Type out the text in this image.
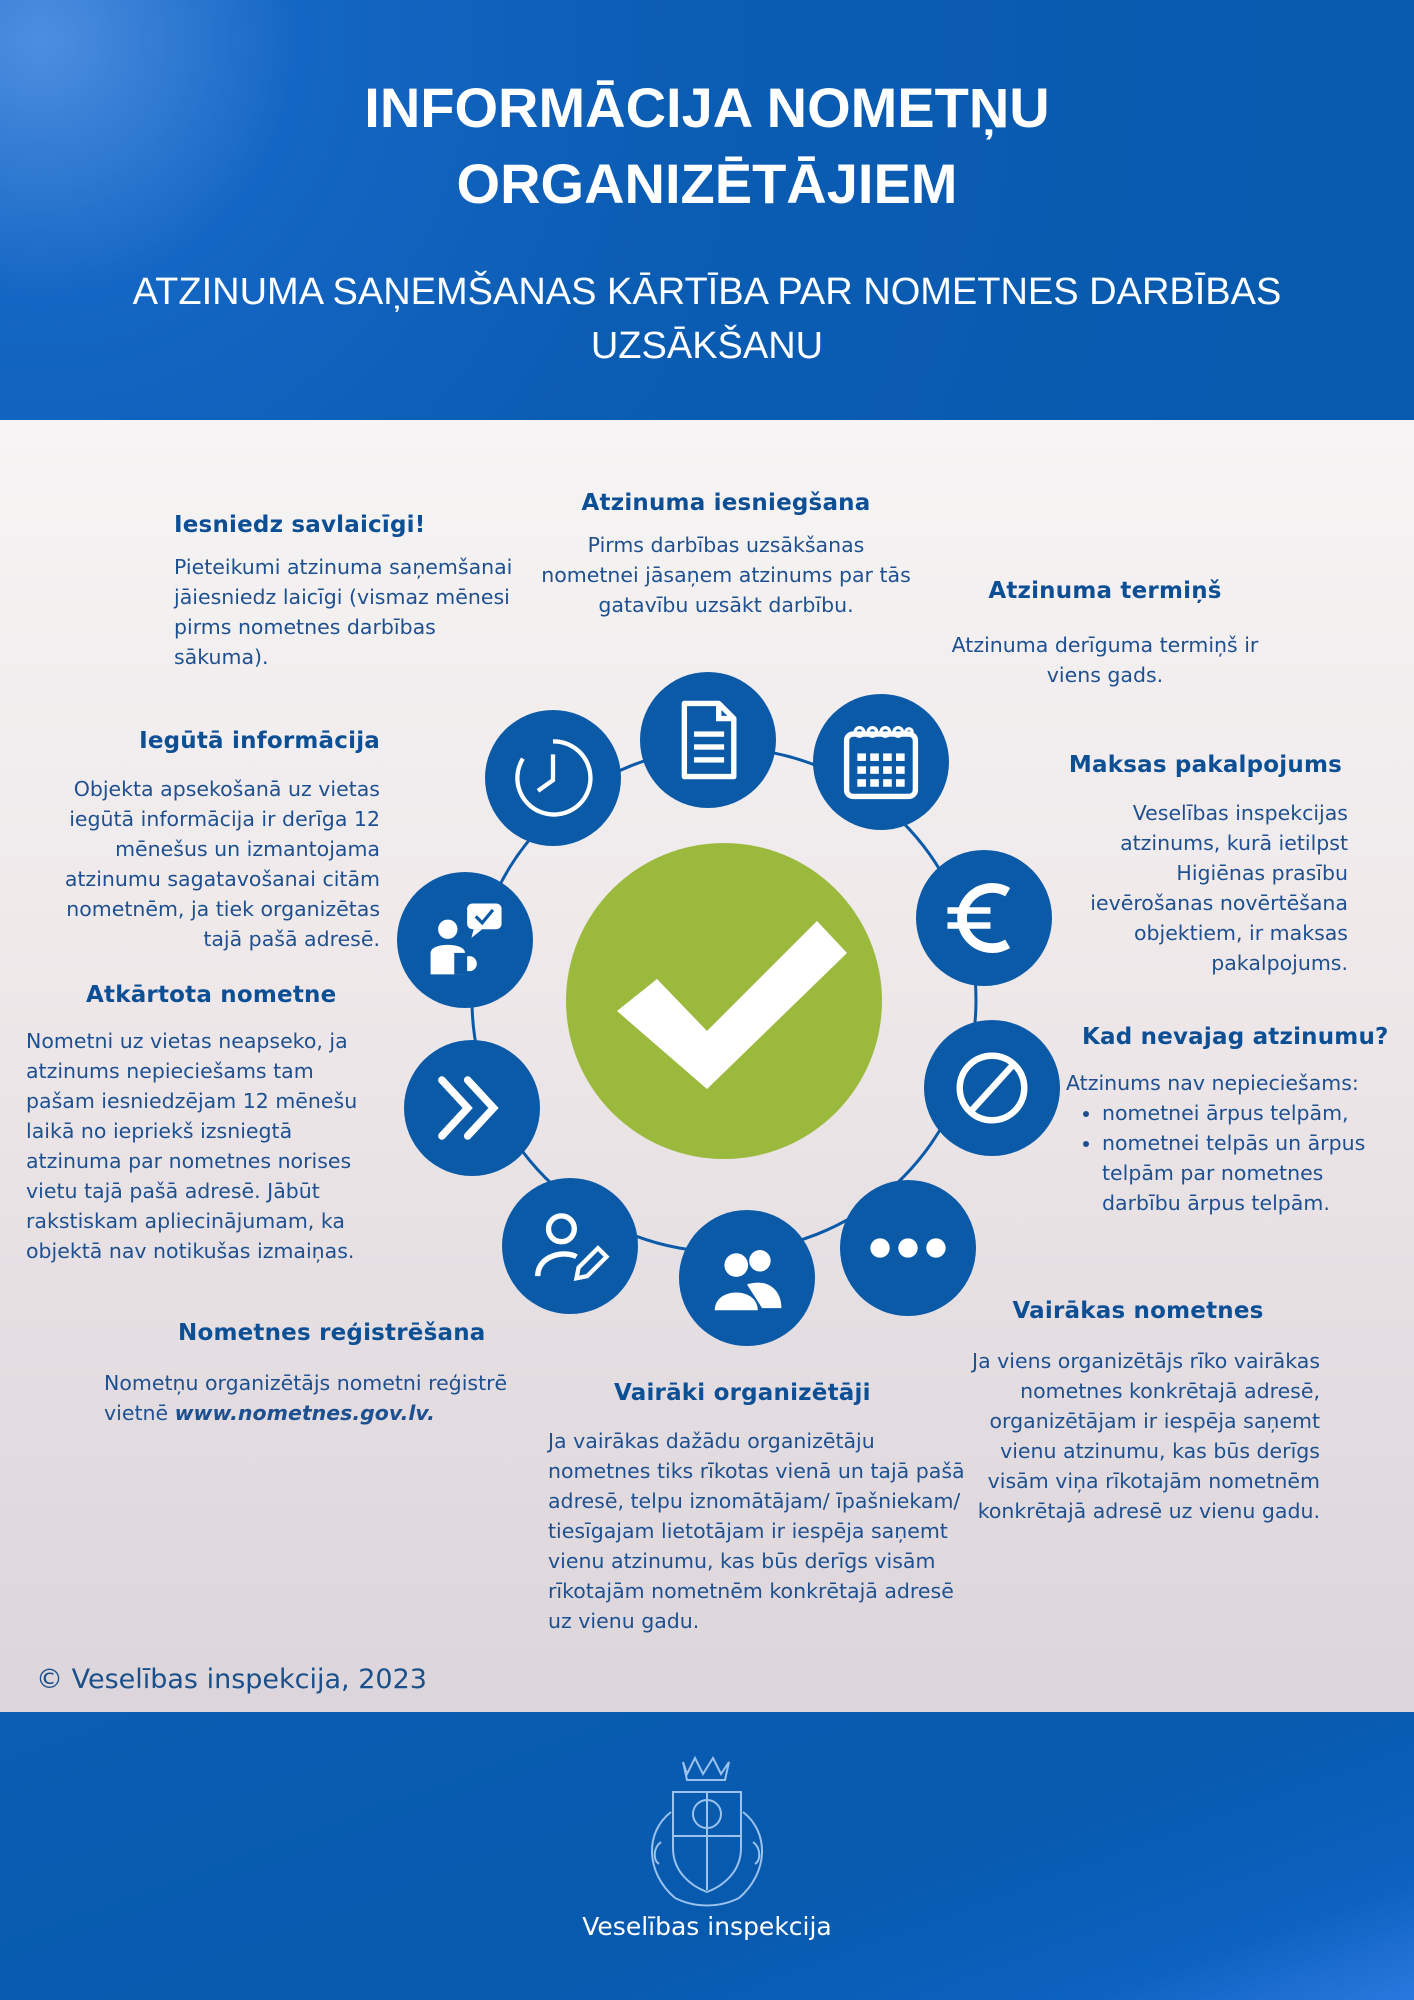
INFORMĀCIJA NOMETŅU
ORGANIZĒTĀJIEM
ATZINUMA SAŅEMŠANAS KĀRTĪBA PAR NOMETNES DARBĪBAS UZSĀKŠANU
Iesniedz savlaicīgi!

Pieteikumi atzinuma saņemšanai jāiesniedz laicīgi (vismaz mēnesi pirms nometnes darbības sākuma).

Atzinuma iesniegšana

Pirms darbības uzsākšanas nometnei jāsaņem atzinums par tās gatavību uzsākt darbību.

Atzinuma termiņš

Atzinuma derīguma termiņš ir viens gads.

Maksas pakalpojums

Veselības inspekcijas atzinums, kurā ietilpst Higiēnas prasību ievērošanas novērtēšana objektiem, ir maksas pakalpojums.

Kad nevajag atzinumu?

Atzinums nav nepieciešams:

• nometnei ārpus telpām,
• nometnei telpās un ārpus telpām par nometnes darbību ārpus telpām.
Vairākas nometnes

Ja viens organizētājs rīko vairākas nometnes konkrētajā adresē, organizētājam ir iespēja saņemt vienu atzinumu, kas būs derīgs visām viņa rīkotajām nometnēm konkrētajā adresē uz vienu gadu.

Vairāki organizētāji

Ja vairākas dažādu organizētāju nometnes tiks rīkotas vienā un tajā pašā adresē, telpu iznomātājam/ īpašniekam/ tiesīgajam lietotājam ir iespēja saņemt vienu atzinumu, kas būs derīgs visām rīkotajām nometnēm konkrētajā adresē uz vienu gadu.

Nometnes reģistrēšana

Nometņu organizētājs nometni reģistrē vietnē www.nometnes.gov.lv.

Atkārtota nometne

Nometni uz vietas neapseko, ja atzinums nepieciešams tam pašam iesniedzējam 12 mēnešu laikā no iepriekš izsniegtā atzinuma par nometnes norises vietu tajā pašā adresē. Jābūt rakstiskam apliecinājumam, ka objektā nav notikušas izmaiņas.

Iegūtā informācija

Objekta apsekošanā uz vietas iegūtā informācija ir derīga 12 mēnešus un izmantojama atzinumu sagatavošanai citām nometnēm, ja tiek organizētas tajā pašā adresē.

© Veselības inspekcija, 2023
Veselības inspekcija
